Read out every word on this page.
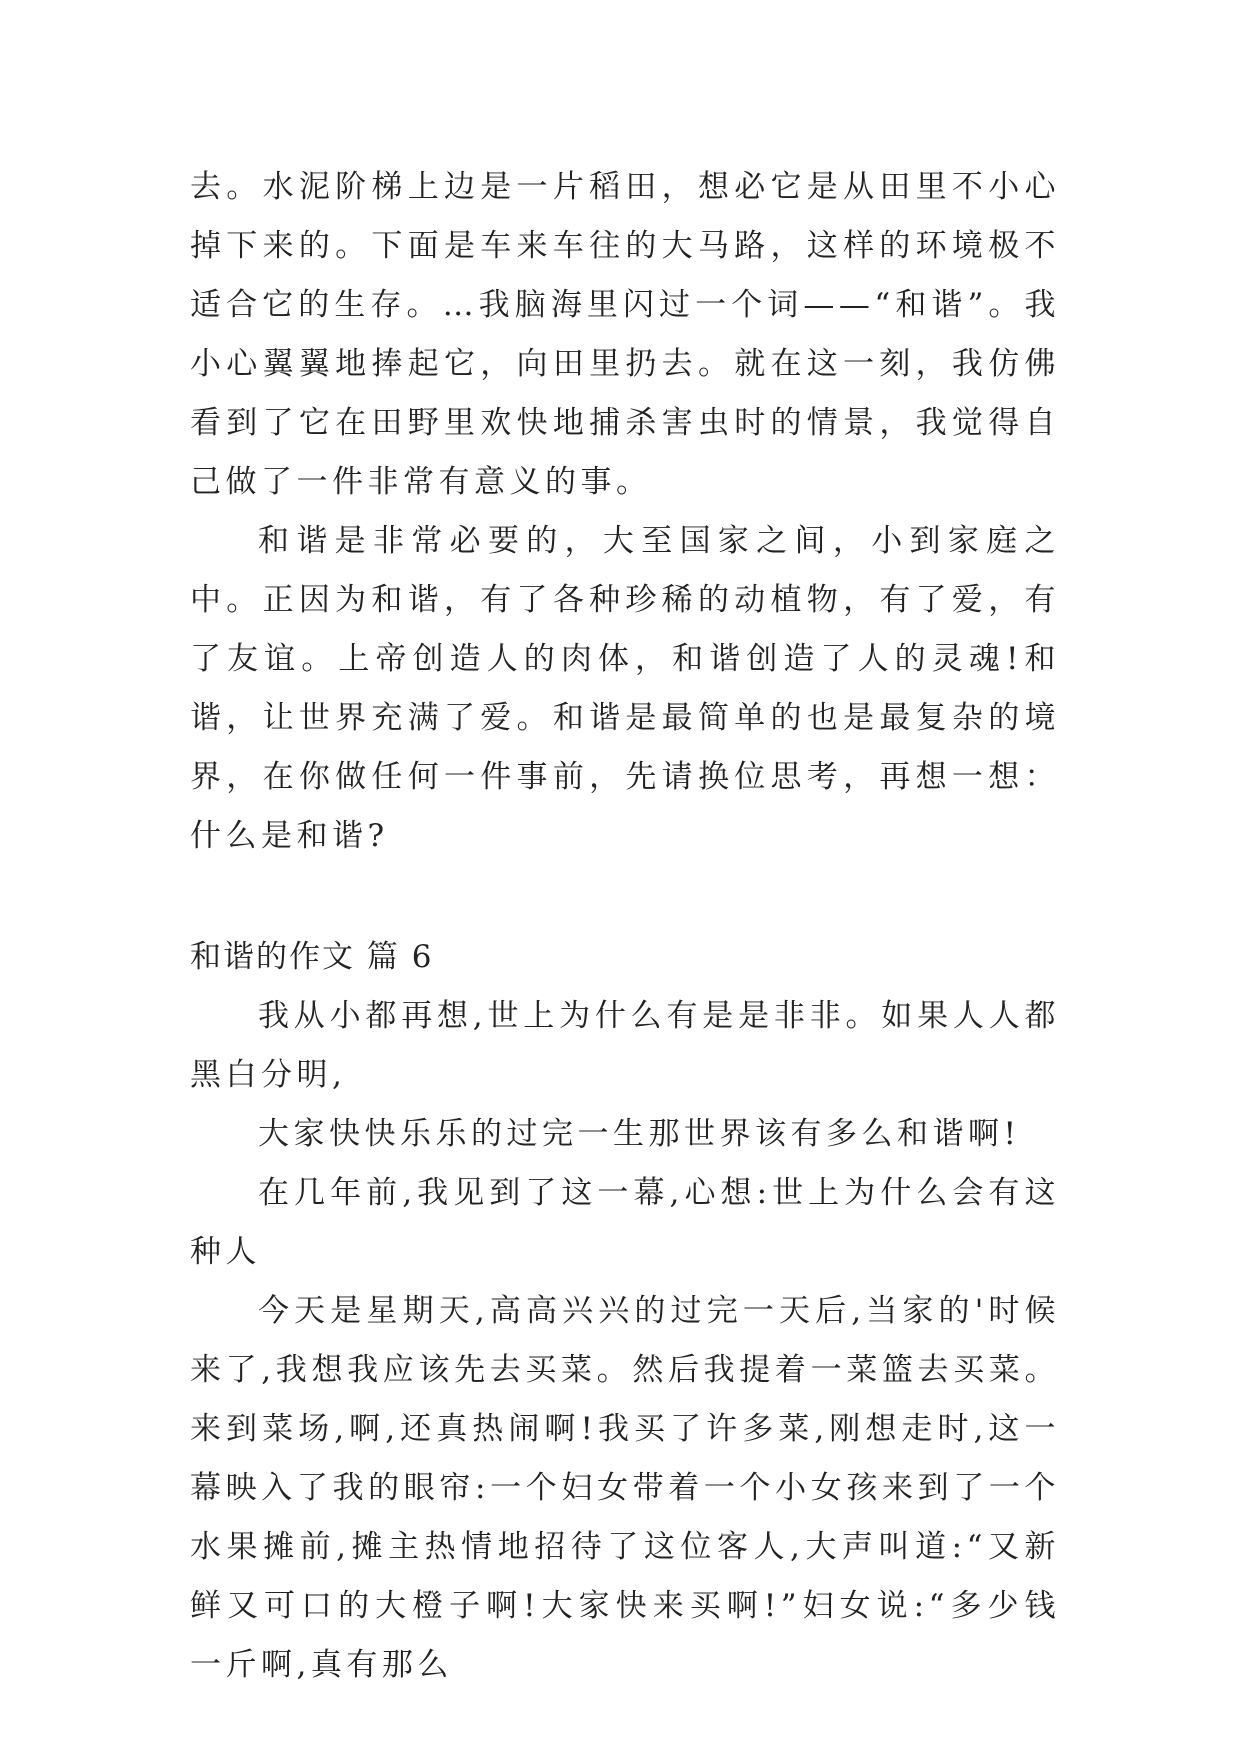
去。水泥阶梯上边是一片稻田，想必它是从田里不小心掉下来的。下面是车来车往的大马路，这样的环境极不适合它的生存。…我脑海里闪过一个词——“和谐”。我小心翼翼地捧起它，向田里扔去。就在这一刻，我仿佛看到了它在田野里欢快地捕杀害虫时的情景，我觉得自己做了一件非常有意义的事。

和谐是非常必要的，大至国家之间，小到家庭之中。正因为和谐，有了各种珍稀的动植物，有了爱，有了友谊。上帝创造人的肉体，和谐创造了人的灵魂!和谐，让世界充满了爱。和谐是最简单的也是最复杂的境界，在你做任何一件事前，先请换位思考，再想一想：什么是和谐?

和谐的作文 篇 6

我从小都再想,世上为什么有是是非非。如果人人都黑白分明,

大家快快乐乐的过完一生那世界该有多么和谐啊!

在几年前,我见到了这一幕,心想:世上为什么会有这种人

今天是星期天,高高兴兴的过完一天后,当家的'时候来了,我想我应该先去买菜。然后我提着一菜篮去买菜。来到菜场,啊,还真热闹啊!我买了许多菜,刚想走时,这一幕映入了我的眼帘:一个妇女带着一个小女孩来到了一个水果摊前,摊主热情地招待了这位客人,大声叫道:“又新鲜又可口的大橙子啊!大家快来买啊!”妇女说:“多少钱一斤啊,真有那么
